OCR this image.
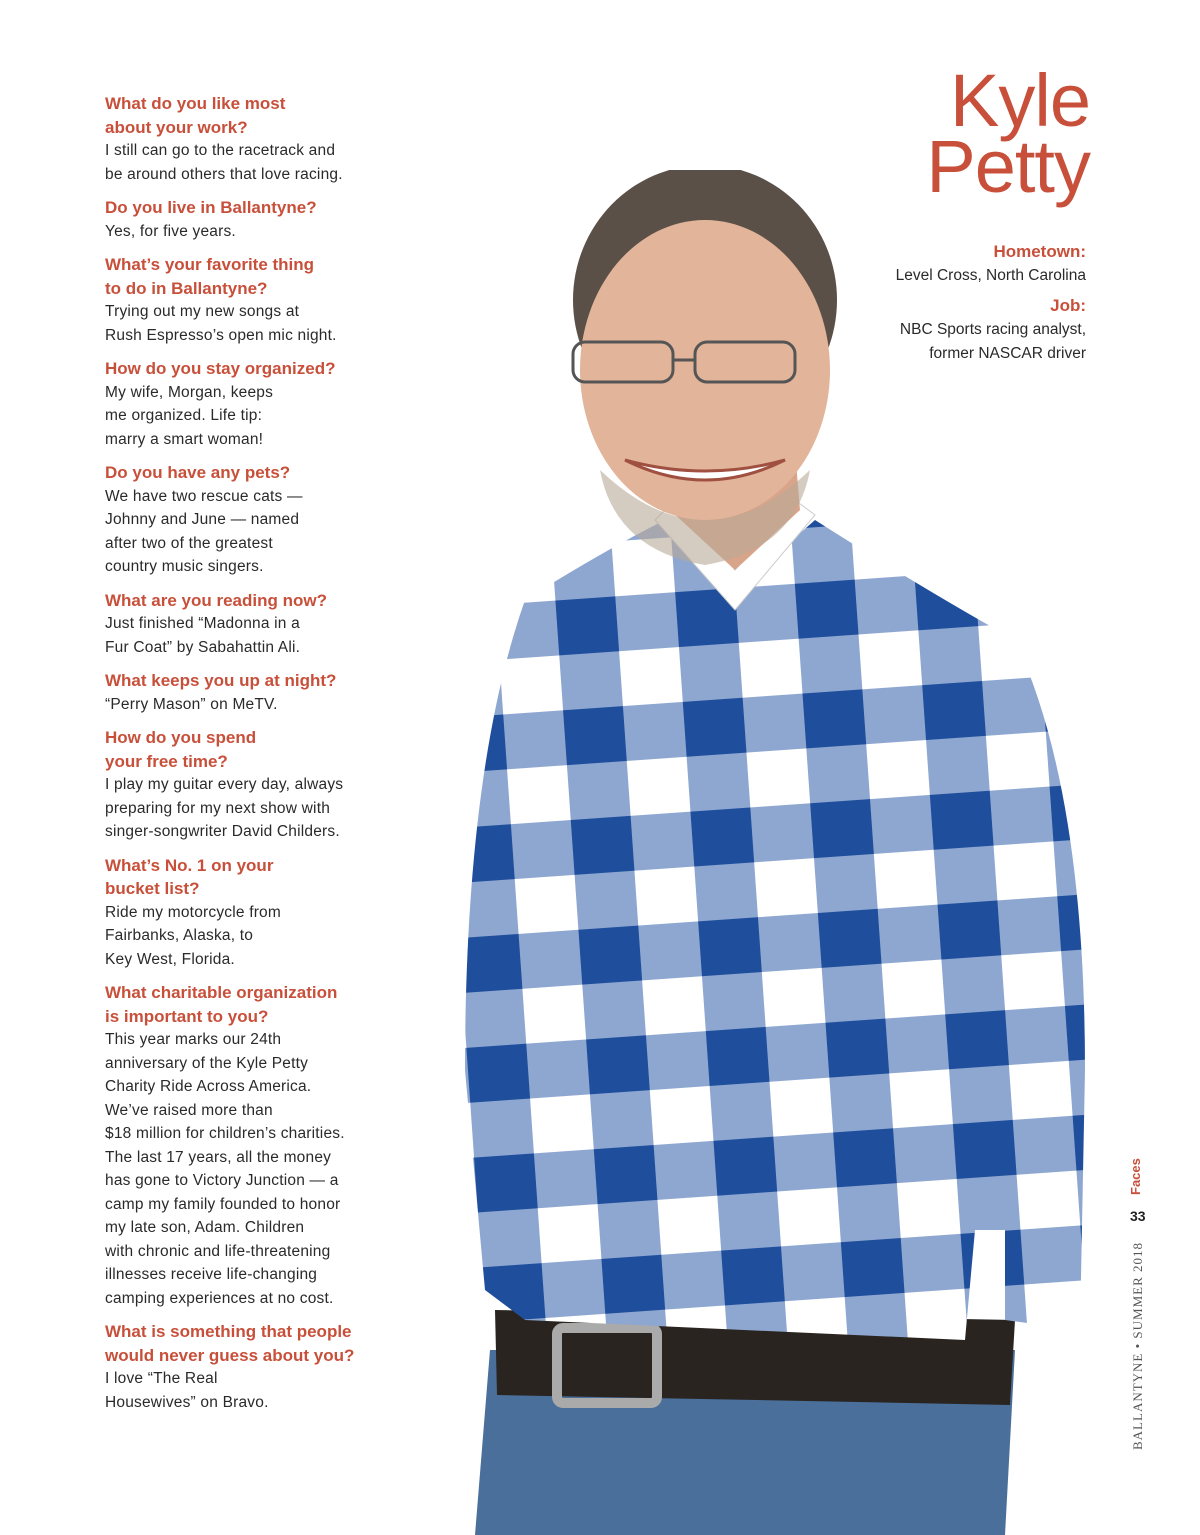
What do you like most
about your work?
I still can go to the racetrack and
be around others that love racing.
Do you live in Ballantyne?
Yes, for five years.
What’s your favorite thing
to do in Ballantyne?
Trying out my new songs at
Rush Espresso’s open mic night.
How do you stay organized?
My wife, Morgan, keeps
me organized. Life tip:
marry a smart woman!
Do you have any pets?
We have two rescue cats —
Johnny and June — named
after two of the greatest
country music singers.
What are you reading now?
Just finished “Madonna in a
Fur Coat” by Sabahattin Ali.
What keeps you up at night?
“Perry Mason” on MeTV.
How do you spend
your free time?
I play my guitar every day, always
preparing for my next show with
singer-songwriter David Childers.
What’s No. 1 on your
bucket list?
Ride my motorcycle from
Fairbanks, Alaska, to
Key West, Florida.
What charitable organization
is important to you?
This year marks our 24th
anniversary of the Kyle Petty
Charity Ride Across America.
We’ve raised more than
$18 million for children’s charities.
The last 17 years, all the money
has gone to Victory Junction — a
camp my family founded to honor
my late son, Adam. Children
with chronic and life-threatening
illnesses receive life-changing
camping experiences at no cost.
What is something that people
would never guess about you?
I love “The Real
Housewives” on Bravo.
Kyle
Petty
Hometown:
Level Cross, North Carolina
Job:
NBC Sports racing analyst,
former NASCAR driver
Faces
33
BALLANTYNE • SUMMER 2018
